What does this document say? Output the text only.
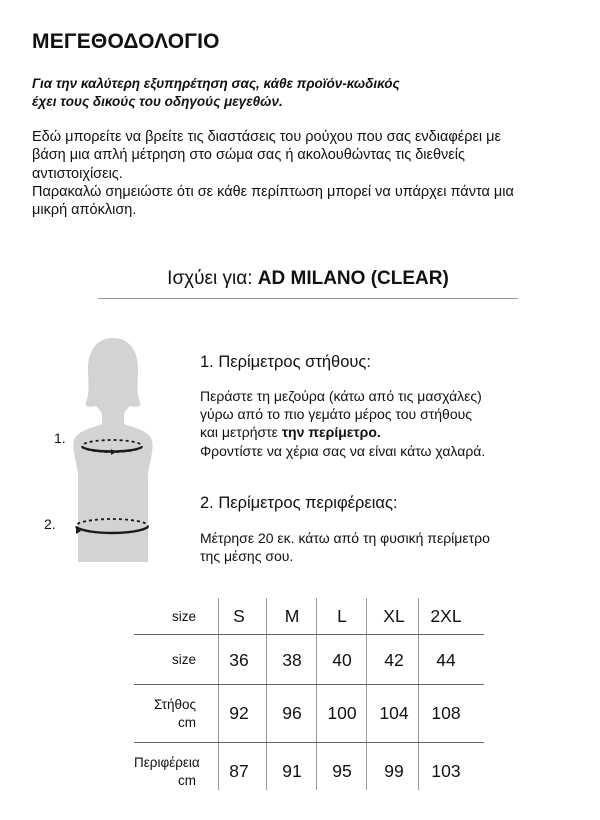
ΜΕΓΕΘΟΔΟΛΟΓΙΟ
Για την καλύτερη εξυπηρέτηση σας, κάθε προϊόν-κωδικός
έχει τους δικούς του οδηγούς μεγεθών.
Εδώ μπορείτε να βρείτε τις διαστάσεις του ρούχου που σας ενδιαφέρει με
βάση μια απλή μέτρηση στο σώμα σας ή ακολουθώντας τις διεθνείς
αντιστοιχίσεις.
Παρακαλώ σημειώστε ότι σε κάθε περίπτωση μπορεί να υπάρχει πάντα μια
μικρή απόκλιση.
Ισχύει για: AD MILANO (CLEAR)
1.
2.
1. Περίμετρος στήθους:
Περάστε τη μεζούρα (κάτω από τις μασχάλες)
γύρω από το πιο γεμάτο μέρος του στήθους
και μετρήστε την περίμετρο.
Φροντίστε να χέρια σας να είναι κάτω χαλαρά.
2. Περίμετρος περιφέρειας:
Μέτρησε 20 εκ. κάτω από τη φυσική περίμετρο
της μέσης σου.
size	S	M	L	XL	2XL
size	36	38	40	42	44
Στήθος
cm	92	96	100	104	108
Περιφέρεια
cm	87	91	95	99	103
